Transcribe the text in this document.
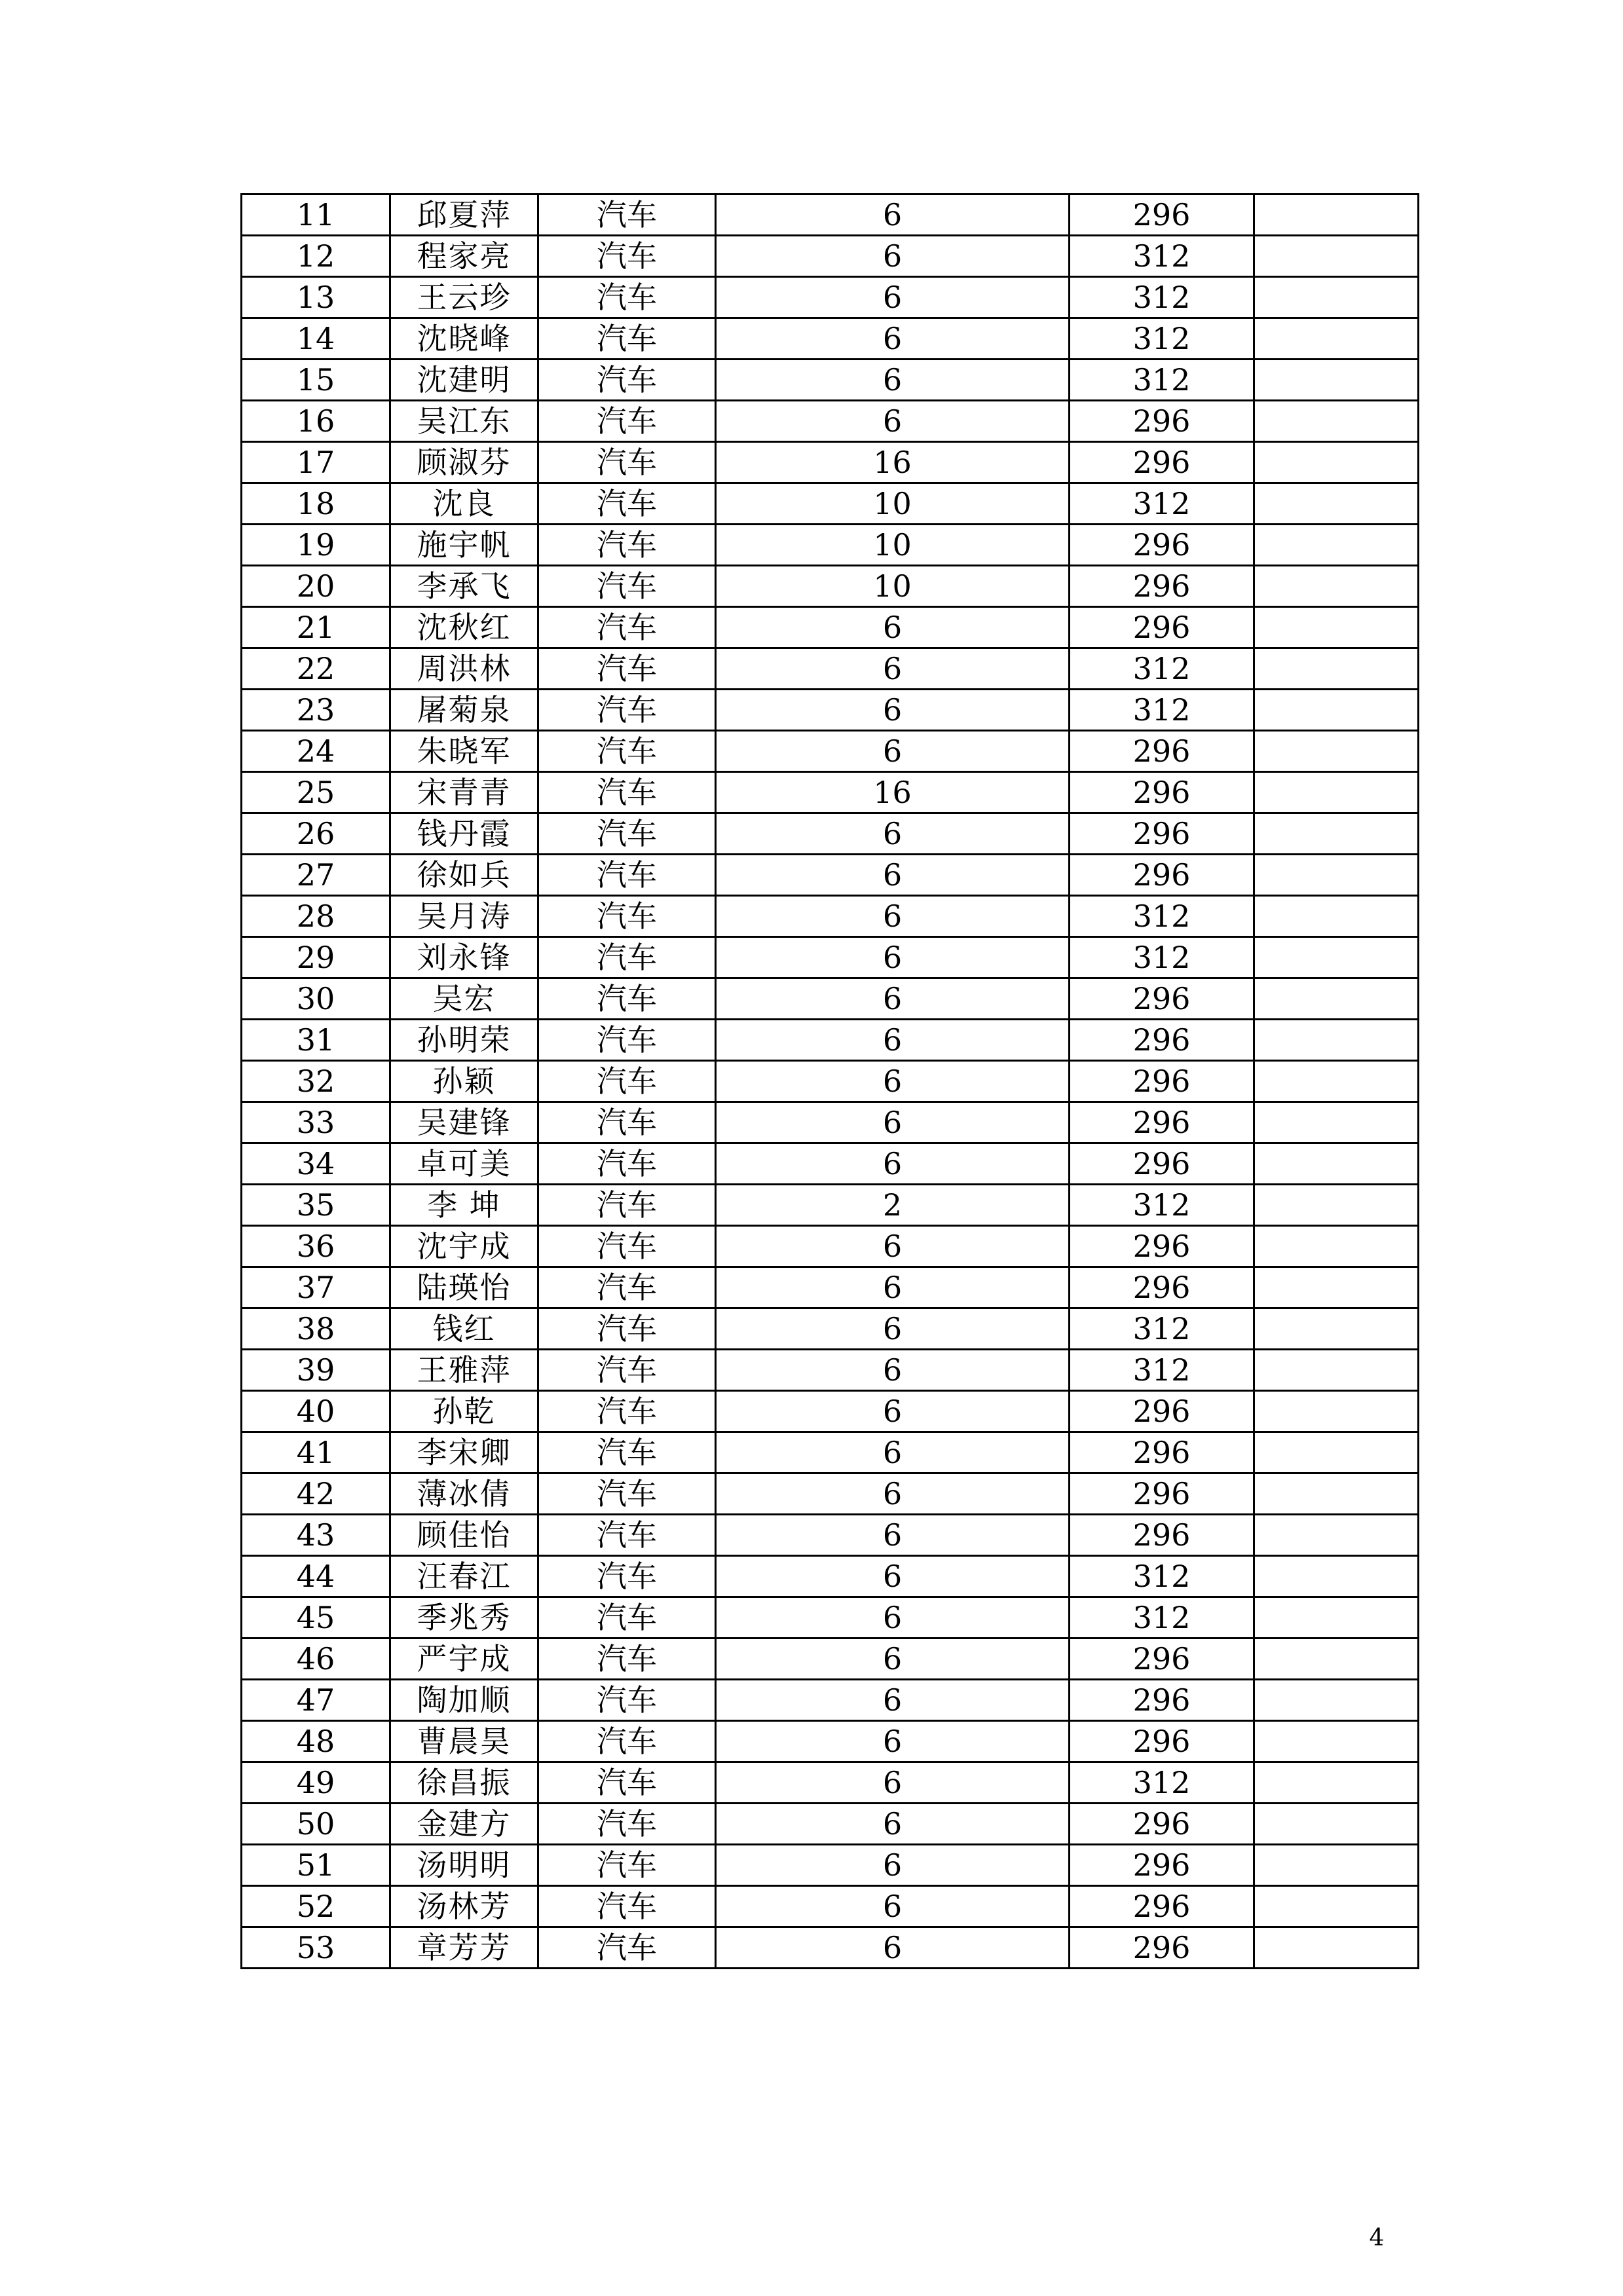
11	邱夏萍	汽车	6	296	
12	程家亮	汽车	6	312	
13	王云珍	汽车	6	312	
14	沈晓峰	汽车	6	312	
15	沈建明	汽车	6	312	
16	吴江东	汽车	6	296	
17	顾淑芬	汽车	16	296	
18	沈良	汽车	10	312	
19	施宇帆	汽车	10	296	
20	李承飞	汽车	10	296	
21	沈秋红	汽车	6	296	
22	周洪林	汽车	6	312	
23	屠菊泉	汽车	6	312	
24	朱晓军	汽车	6	296	
25	宋青青	汽车	16	296	
26	钱丹霞	汽车	6	296	
27	徐如兵	汽车	6	296	
28	吴月涛	汽车	6	312	
29	刘永锋	汽车	6	312	
30	吴宏	汽车	6	296	
31	孙明荣	汽车	6	296	
32	孙颖	汽车	6	296	
33	吴建锋	汽车	6	296	
34	卓可美	汽车	6	296	
35	李 坤	汽车	2	312	
36	沈宇成	汽车	6	296	
37	陆瑛怡	汽车	6	296	
38	钱红	汽车	6	312	
39	王雅萍	汽车	6	312	
40	孙乾	汽车	6	296	
41	李宋卿	汽车	6	296	
42	薄冰倩	汽车	6	296	
43	顾佳怡	汽车	6	296	
44	汪春江	汽车	6	312	
45	季兆秀	汽车	6	312	
46	严宇成	汽车	6	296	
47	陶加顺	汽车	6	296	
48	曹晨昊	汽车	6	296	
49	徐昌振	汽车	6	312	
50	金建方	汽车	6	296	
51	汤明明	汽车	6	296	
52	汤林芳	汽车	6	296	
53	章芳芳	汽车	6	296	
4
